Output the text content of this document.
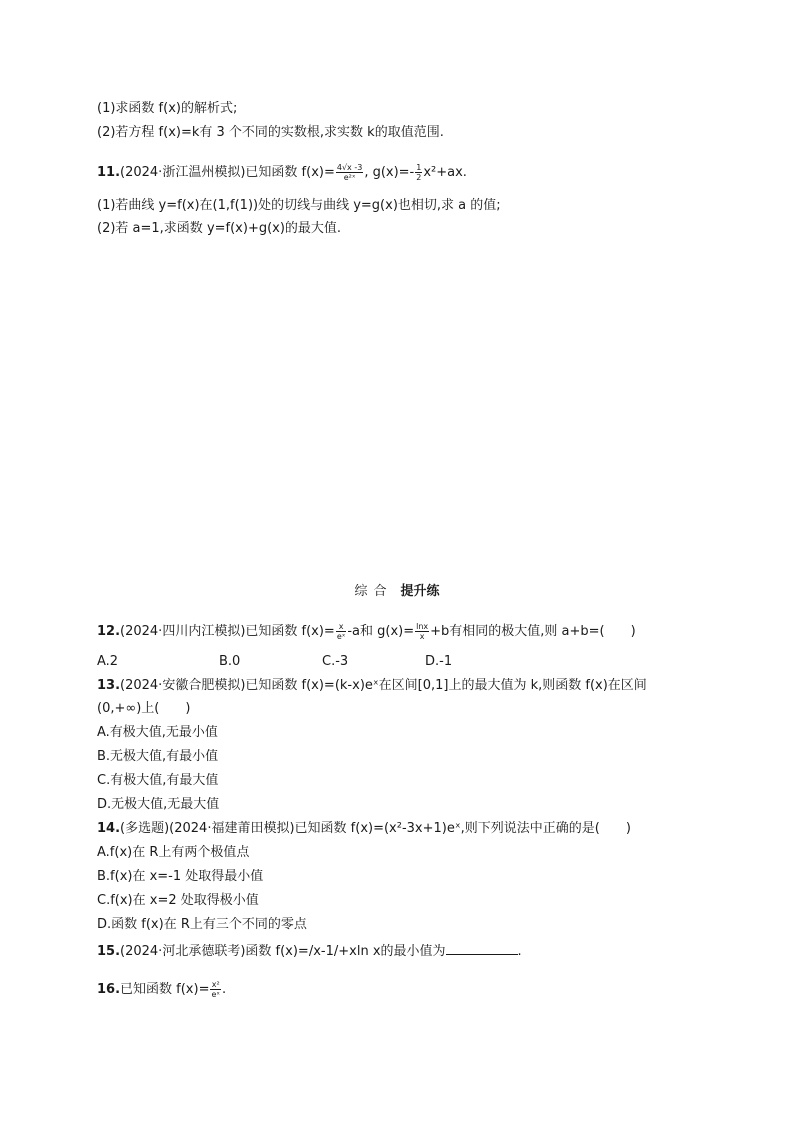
(1)求函数 f(x)的解析式;
(2)若方程 f(x)=k有 3 个不同的实数根,求实数 k的取值范围.
11.(2024·浙江温州模拟)已知函数 $f(x)= \frac{4√x -3}{\text{e²ˣ}}$ , $g(x)=- \frac{1}{2} x^2+ax$.
(1)若曲线 y=f(x)在(1,f(1))处的切线与曲线 y=g(x)也相切,求 a 的值;
(2)若 a=1,求函数 y=f(x)+g(x)的最大值.
综合 提升练
12.(2024·四川内江模拟)已知函数 $f(x)= \frac{x}{\text{eˣ}} -a$和 $g(x)= \frac{\ln x}{x} +b$有相同的极大值,则 a+b=(　　)
A.2	B.0	C.-3	D.-1
13.(2024·安徽合肥模拟)已知函数 f(x)=(k-x)eˣ在区间[0,1]上的最大值为 k,则函数 f(x)在区间
(0,+∞)上(　　)
A.有极大值,无最小值
B.无极大值,有最小值
C.有极大值,有最大值
D.无极大值,无最大值
14.(多选题)(2024·福建莆田模拟)已知函数 f(x)=(x²-3x+1)eˣ,则下列说法中正确的是(　　)
A.f(x)在 R上有两个极值点
B.f(x)在 x=-1 处取得最小值
C.f(x)在 x=2 处取得极小值
D.函数 f(x)在 R上有三个不同的零点
15.(2024·河北承德联考)函数 f(x)=/x-1/+xln x的最小值为	.
16.已知函数 $f(x)= \frac{\text{x²}}{\text{eˣ}}$ .
